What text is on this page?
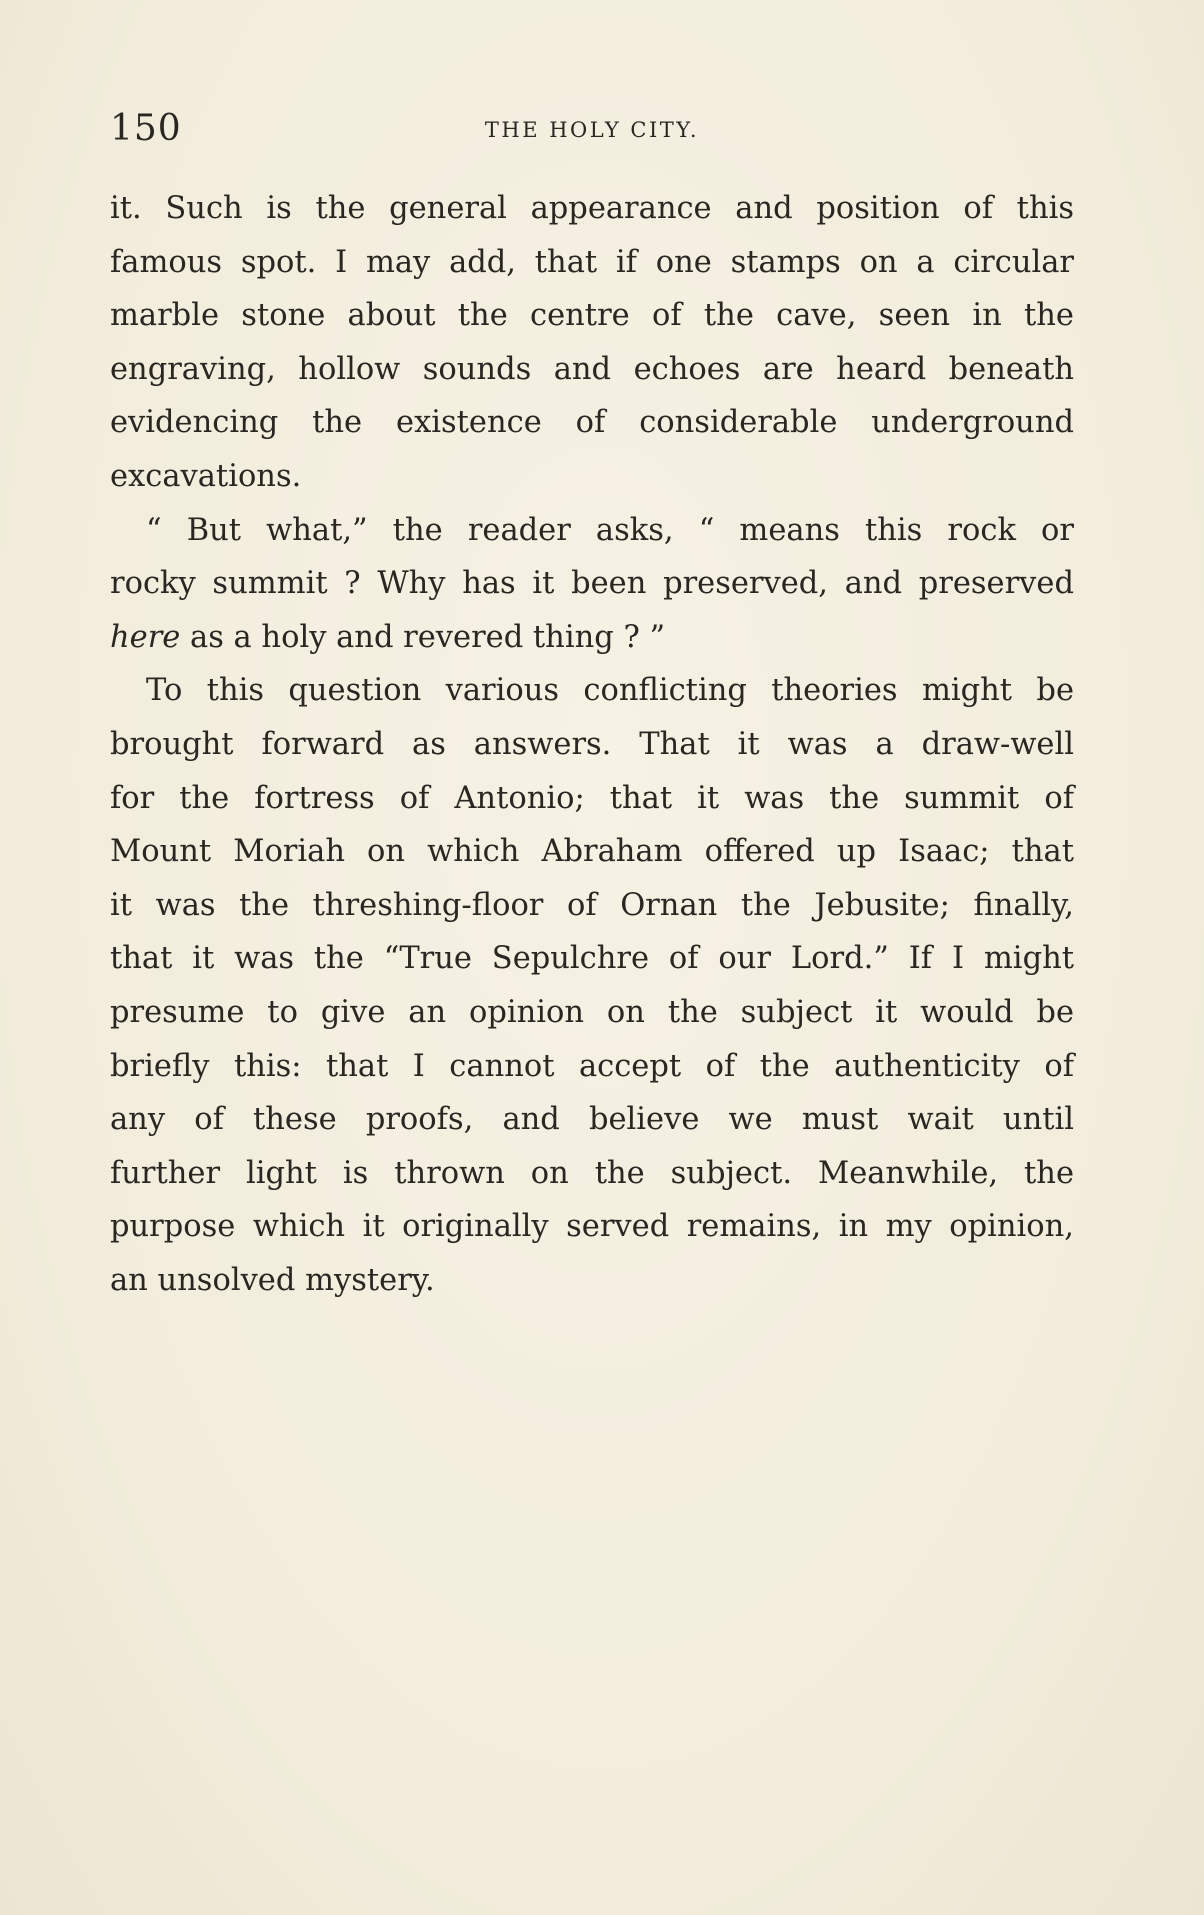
150	THE HOLY CITY.
it. Such is the general appearance and position of this
famous spot. I may add, that if one stamps on a circular
marble stone about the centre of the cave, seen in the
engraving, hollow sounds and echoes are heard beneath
evidencing the existence of considerable underground
excavations.
“ But what,” the reader asks, “ means this rock or
rocky summit ? Why has it been preserved, and preserved
here as a holy and revered thing ? ”
To this question various conflicting theories might be
brought forward as answers. That it was a draw-well
for the fortress of Antonio; that it was the summit of
Mount Moriah on which Abraham offered up Isaac; that
it was the threshing-floor of Ornan the Jebusite; finally,
that it was the “True Sepulchre of our Lord.” If I might
presume to give an opinion on the subject it would be
briefly this: that I cannot accept of the authenticity of
any of these proofs, and believe we must wait until
further light is thrown on the subject. Meanwhile, the
purpose which it originally served remains, in my opinion,
an unsolved mystery.
